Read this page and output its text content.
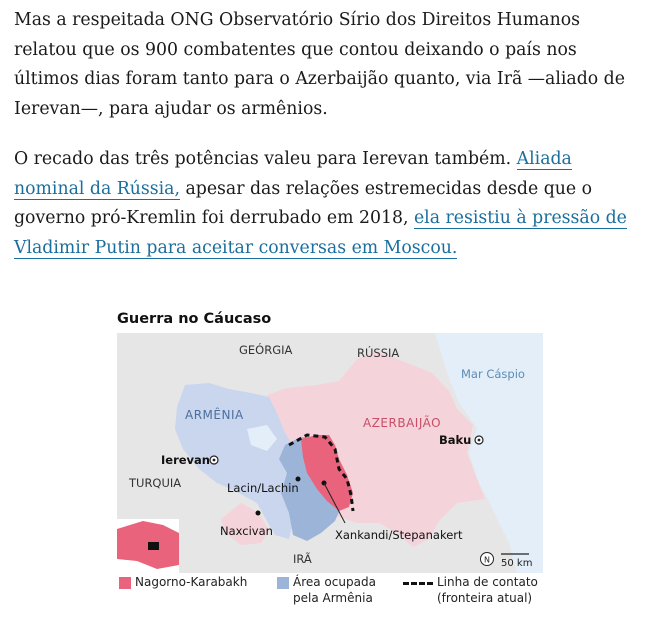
Mas a respeitada ONG Observatório Sírio dos Direitos Humanos relatou que os 900 combatentes que contou deixando o país nos últimos dias foram tanto para o Azerbaijão quanto, via Irã —aliado de Ierevan—, para ajudar os armênios.

O recado das três potências valeu para Ierevan também. Aliada nominal da Rússia, apesar das relações estremecidas desde que o governo pró-Kremlin foi derrubado em 2018, ela resistiu à pressão de Vladimir Putin para aceitar conversas em Moscou.

Guerra no Cáucaso
N 50 km
GEÓRGIA	RÚSSIA
Mar Cáspio
ARMÊNIA
AZERBAIJÃO
Baku
Ierevan
TURQUIA	Lacin/Lachin
Naxcivan	Xankandi/Stepanakert
IRÃ
Nagorno-Karabakh	Área ocupada
pela Armênia
Linha de contato
(fronteira atual)
